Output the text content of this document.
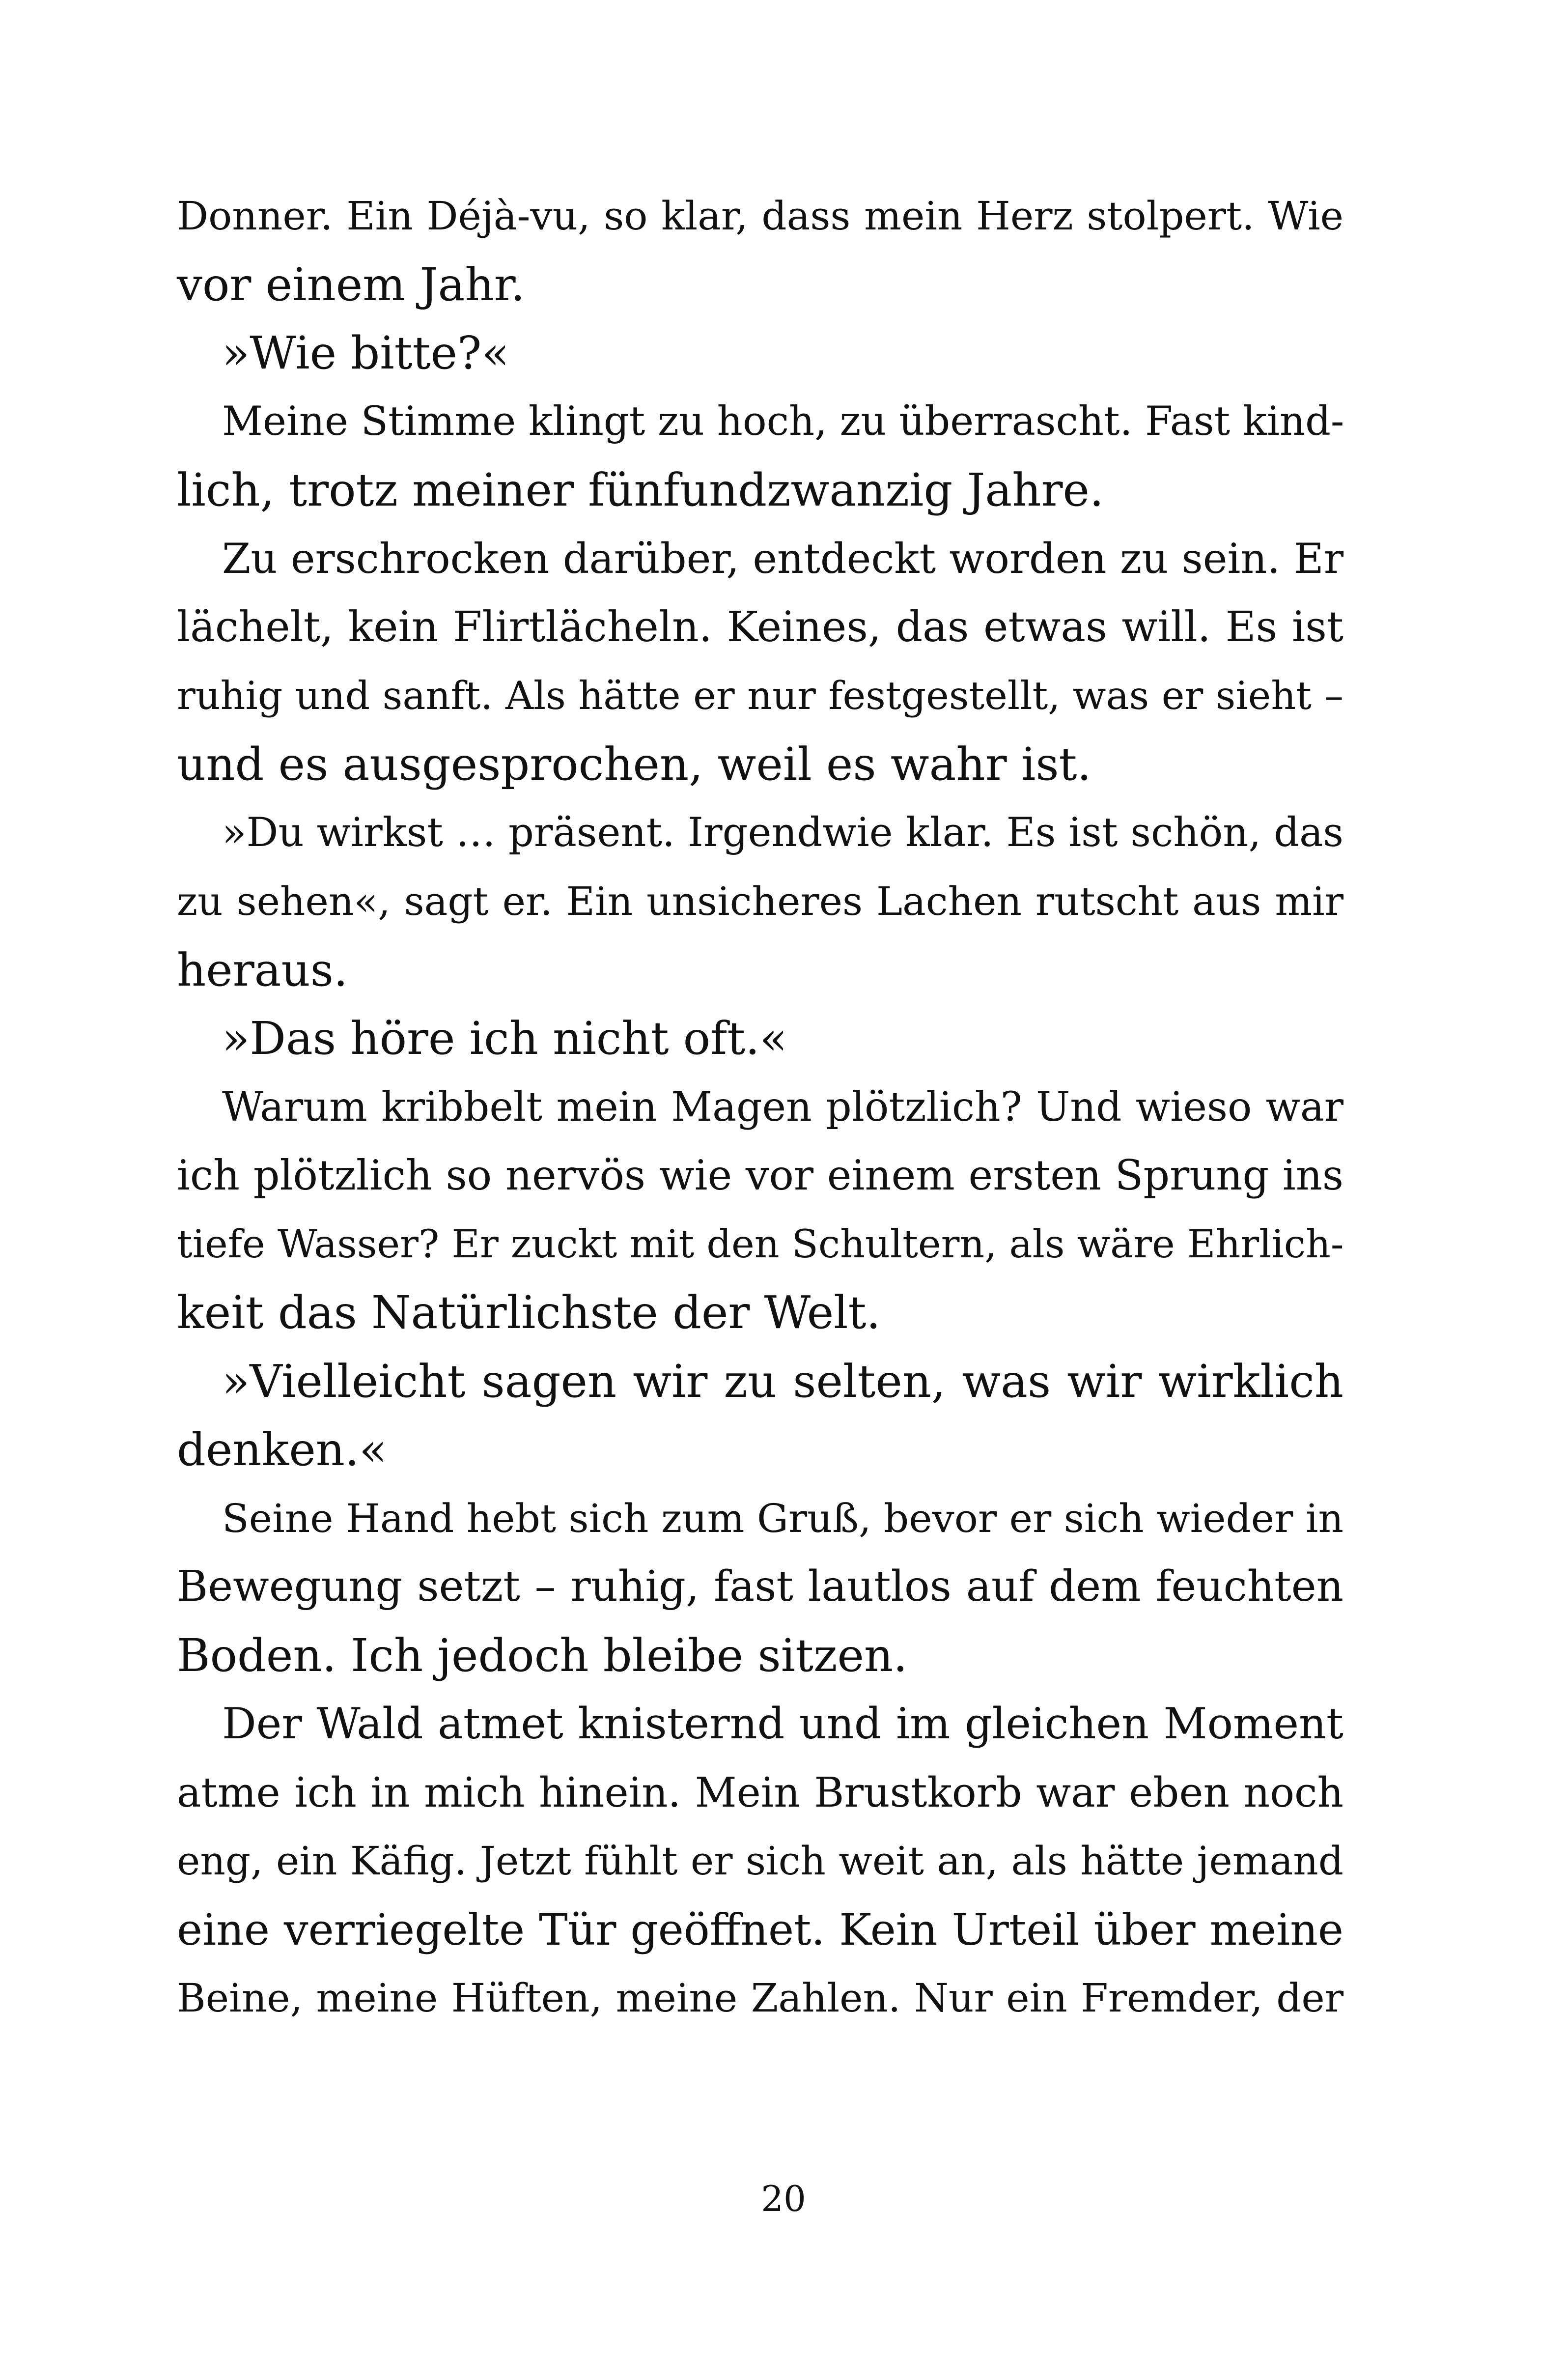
Donner. Ein Déjà-vu, so klar, dass mein Herz stolpert. Wie
vor einem Jahr.
»Wie bitte?«
Meine Stimme klingt zu hoch, zu überrascht. Fast kind-
lich, trotz meiner fünfundzwanzig Jahre.
Zu erschrocken darüber, entdeckt worden zu sein. Er
lächelt, kein Flirtlächeln. Keines, das etwas will. Es ist
ruhig und sanft. Als hätte er nur festgestellt, was er sieht –
und es ausgesprochen, weil es wahr ist.
»Du wirkst … präsent. Irgendwie klar. Es ist schön, das
zu sehen«, sagt er. Ein unsicheres Lachen rutscht aus mir
heraus.
»Das höre ich nicht oft.«
Warum kribbelt mein Magen plötzlich? Und wieso war
ich plötzlich so nervös wie vor einem ersten Sprung ins
tiefe Wasser? Er zuckt mit den Schultern, als wäre Ehrlich-
keit das Natürlichste der Welt.
»Vielleicht sagen wir zu selten, was wir wirklich
denken.«
Seine Hand hebt sich zum Gruß, bevor er sich wieder in
Bewegung setzt – ruhig, fast lautlos auf dem feuchten
Boden. Ich jedoch bleibe sitzen.
Der Wald atmet knisternd und im gleichen Moment
atme ich in mich hinein. Mein Brustkorb war eben noch
eng, ein Käfig. Jetzt fühlt er sich weit an, als hätte jemand
eine verriegelte Tür geöffnet. Kein Urteil über meine
Beine, meine Hüften, meine Zahlen. Nur ein Fremder, der
20
